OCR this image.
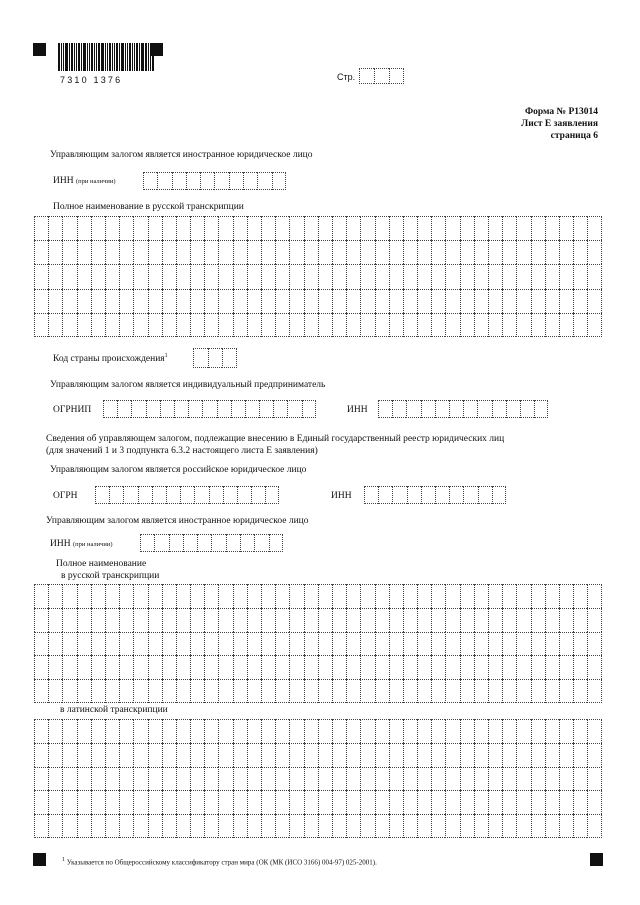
7310 1376	Стр.
Форма № Р13014
Лист Е заявления
страница 6
Управляющим залогом является иностранное юридическое лицо
ИНН (при наличии)
Полное наименование в русской транскрипции
Код страны происхождения$^1$
Управляющим залогом является индивидуальный предприниматель
ОГРНИП	ИНН
Сведения об управляющем залогом, подлежащие внесению в Единый государственный реестр юридических лиц
(для значений 1 и 3 подпункта 6.3.2 настоящего листа Е заявления)
Управляющим залогом является российское юридическое лицо
ОГРН	ИНН
Управляющим залогом является иностранное юридическое лицо
ИНН (при наличии)
Полное наименование
в русской транскрипции
в латинской транскрипции
$^1$ Указывается по Общероссийскому классификатору стран мира (ОК (МК (ИСО 3166) 004-97) 025-2001).
